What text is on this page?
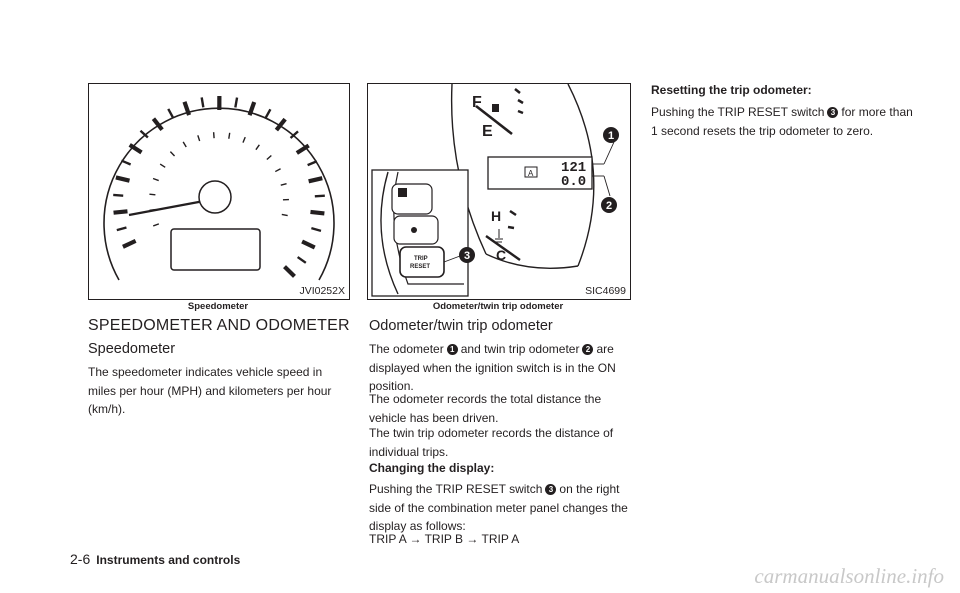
JVI0252X
Speedometer
F
E
A 121
0.0
1
2
H
C
TRIP
RESET
3
SIC4699
Odometer/twin trip odometer
SPEEDOMETER AND ODOMETER
Speedometer

The speedometer indicates vehicle speed in miles per hour (MPH) and kilometers per hour (km/h).

Odometer/twin trip odometer

The odometer 1 and twin trip odometer 2 are displayed when the ignition switch is in the ON position.

The odometer records the total distance the vehicle has been driven.

The twin trip odometer records the distance of individual trips.

Changing the display:

Pushing the TRIP RESET switch 3 on the right side of the combination meter panel changes the display as follows:

TRIP A → TRIP B → TRIP A

Resetting the trip odometer:

Pushing the TRIP RESET switch 3 for more than 1 second resets the trip odometer to zero.

2-6 Instruments and controls
carmanualsonline.info
